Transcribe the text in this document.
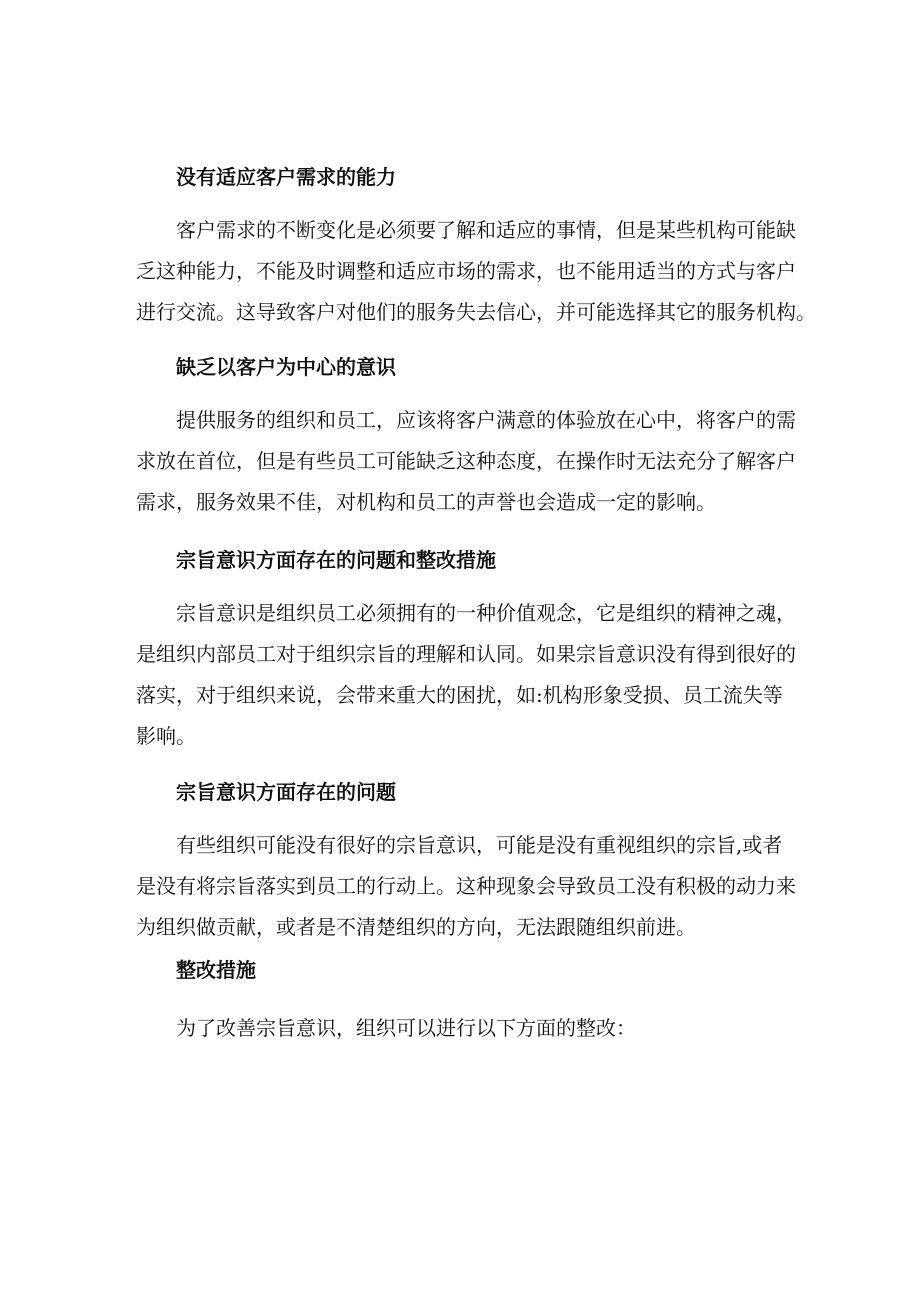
没有适应客户需求的能力
客户需求的不断变化是必须要了解和适应的事情，但是某些机构可能缺
乏这种能力，不能及时调整和适应市场的需求，也不能用适当的方式与客户
进行交流。这导致客户对他们的服务失去信心，并可能选择其它的服务机构。
缺乏以客户为中心的意识
提供服务的组织和员工，应该将客户满意的体验放在心中，将客户的需
求放在首位，但是有些员工可能缺乏这种态度，在操作时无法充分了解客户
需求，服务效果不佳，对机构和员工的声誉也会造成一定的影响。
宗旨意识方面存在的问题和整改措施
宗旨意识是组织员工必须拥有的一种价值观念，它是组织的精神之魂，
是组织内部员工对于组织宗旨的理解和认同。如果宗旨意识没有得到很好的
落实，对于组织来说，会带来重大的困扰，如:机构形象受损、员工流失等
影响。
宗旨意识方面存在的问题
有些组织可能没有很好的宗旨意识，可能是没有重视组织的宗旨,或者
是没有将宗旨落实到员工的行动上。这种现象会导致员工没有积极的动力来
为组织做贡献，或者是不清楚组织的方向，无法跟随组织前进。
整改措施
为了改善宗旨意识，组织可以进行以下方面的整改：
